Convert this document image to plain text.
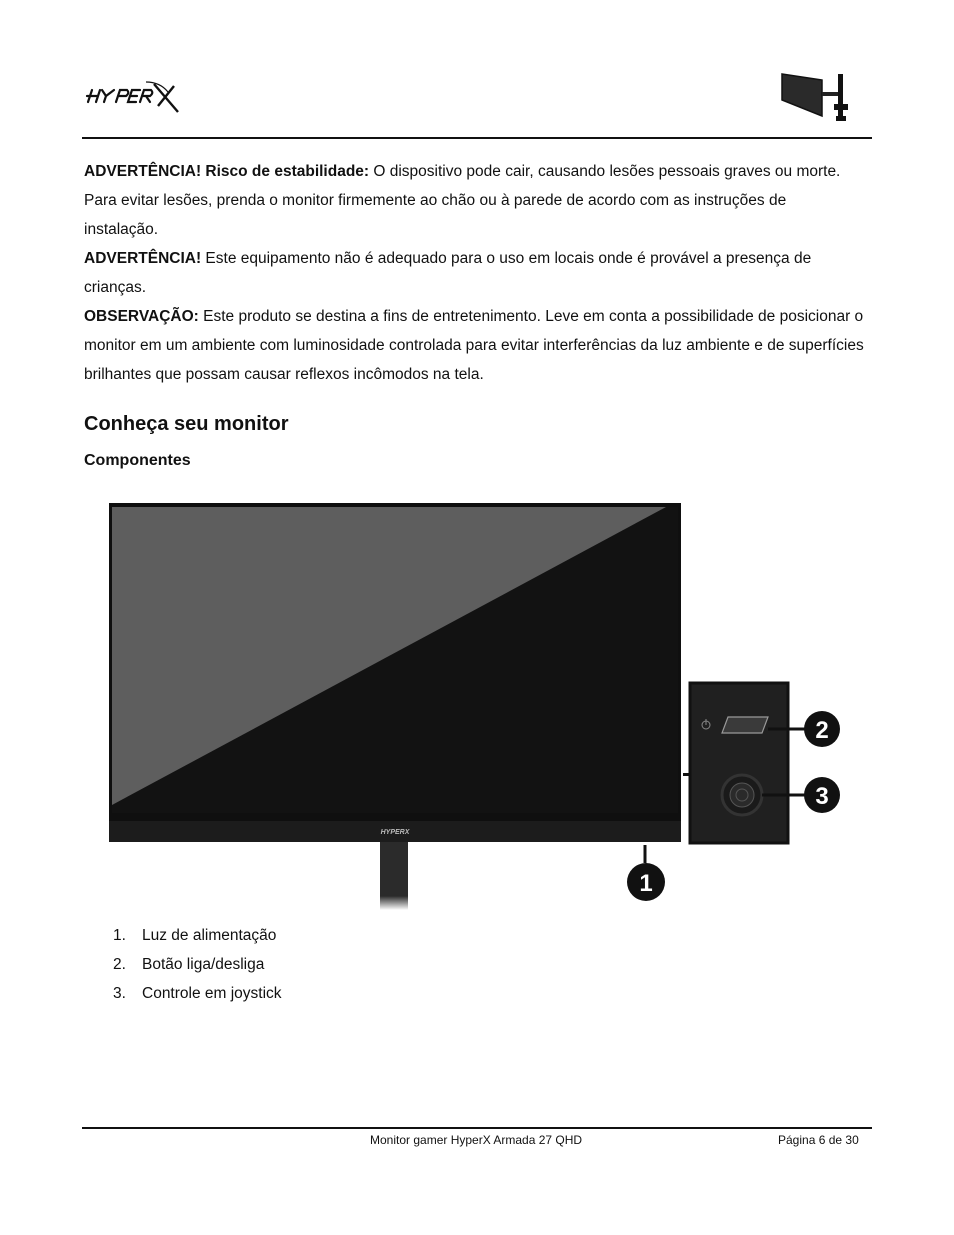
HYPERX

ADVERTÊNCIA! Risco de estabilidade: O dispositivo pode cair, causando lesões pessoais graves ou morte. Para evitar lesões, prenda o monitor firmemente ao chão ou à parede de acordo com as instruções de instalação.

ADVERTÊNCIA! Este equipamento não é adequado para o uso em locais onde é provável a presença de crianças.

OBSERVAÇÃO: Este produto se destina a fins de entretenimento. Leve em conta a possibilidade de posicionar o monitor em um ambiente com luminosidade controlada para evitar interferências da luz ambiente e de superfícies brilhantes que possam causar reflexos incômodos na tela.

Conheça seu monitor
Componentes
HYPERX
2
3
1
1.	Luz de alimentação
2.	Botão liga/desliga
3.	Controle em joystick
Monitor gamer HyperX Armada 27 QHD	Página 6 de 30
